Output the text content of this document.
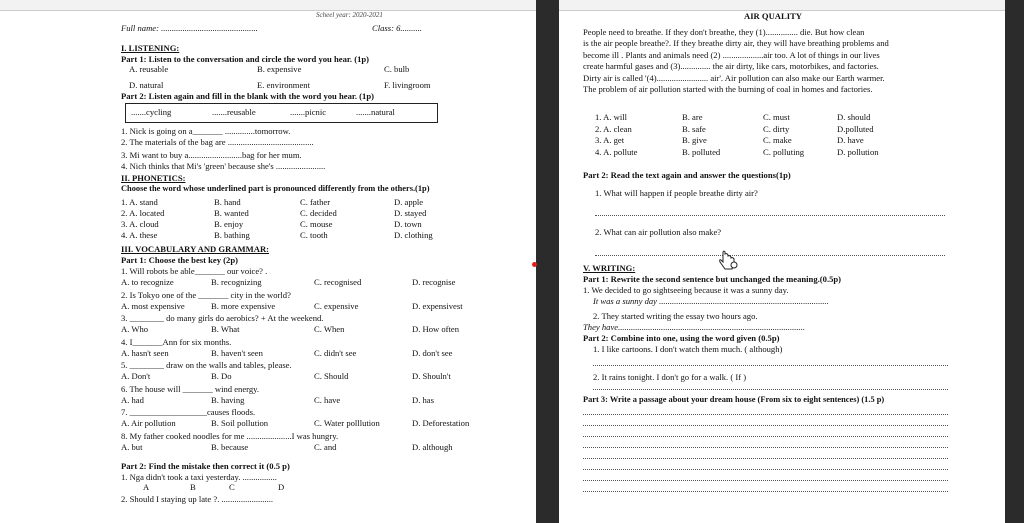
Scheel year: 2020-2021
Full name: .............................................	Class: 6..........
I. LISTENING:
Part 1: Listen to the conversation and circle the word you hear. (1p)
A. reusable	B. expensive	C. bulb
D. natural	E. environment	F. livingroom
Part 2: Listen again and fill in the blank with the word you hear. (1p)
.......cycling	.......reusable	.......picnic	.......natural
1. Nick is going on a_______ ..............tomorrow.
2. The materials of the bag are ........................................
3. Mi want to buy a.........................bag for her mum.
4. Nich thinks that Mi's 'green' because she's .......................
II. PHONETICS:
Choose the word whose underlined part is pronounced differently from the others.(1p)
1. A. stand	B. hand	C. father	D. apple
2. A. located	B. wanted	C. decided	D. stayed
3. A. cloud	B. enjoy	C. mouse	D. town
4. A. these	B. bathing	C. tooth	D. clothing
III. VOCABULARY AND GRAMMAR:
Part 1: Choose the best key (2p)
1. Will robots be able_______ our voice? .
A. to recognize	B. recognizing	C. recognised	D. recognise
2. Is Tokyo one of the _______ city in the world?
A. most expensive	B. more expensive	C. expensive	D. expensivest
3. ________ do many girls do aerobics? + At the weekend.
A. Who	B. What	C. When	D. How often
4. I_______Ann for six months.
A. hasn't seen	B. haven't seen	C. didn't see	D. don't see
5. ________ draw on the walls and tables, please.
A. Don't	B. Do	C. Should	D. Shouln't
6. The house will _______ wind energy.
A. had	B. having	C. have	D. has
7. __________________causes floods.
A. Air pollution	B. Soil pollution	C. Water polllution	D. Deforestation
8. My father cooked noodles for me .....................I was hungry.
A. but	B. because	C. and	D. although
Part 2: Find the mistake then correct it (0.5 p)
1. Nga didn't took a taxi yesterday. ................
A	B	C	D
2. Should I staying up late ?. ........................
AIR QUALITY
People need to breathe. If they don't breathe, they (1)............... die. But how clean
is the air people breathe?. If they breathe dirty air, they will have breathing problems and
become ill . Plants and animals need (2) ...................air too. A lot of things in our lives
create harmful gases and (3).............. the air dirty, like cars, motorbikes, and factories.
Dirty air is called '(4)........................ air'. Air pollution can also make our Earth warmer.
The problem of air pollution started with the burning of coal in homes and factories.
1. A. will	B. are	C. must	D. should
2. A. clean	B. safe	C. dirty	D.polluted
3. A. get	B. give	C. make	D. have
4. A. pollute	B. polluted	C. polluting	D. pollution
Part 2: Read the text again and answer the questions(1p)
1. What will happen if people breathe dirty air?
2. What can air pollution also make?
V. WRITING:
Part 1: Rewrite the second sentence but unchanged the meaning.(0.5p)
1. We decided to go sightseeing because it was a sunny day.
It was a sunny day ...............................................................................
2. They started writing the essay two hours ago.
They have.......................................................................................
Part 2: Combine into one, using the word given (0.5p)
1. I like cartoons. I don't watch them much. ( although)
2. It rains tonight. I don't go for a walk. ( If )
Part 3: Write a passage about your dream house (From six to eight sentences) (1.5 p)
